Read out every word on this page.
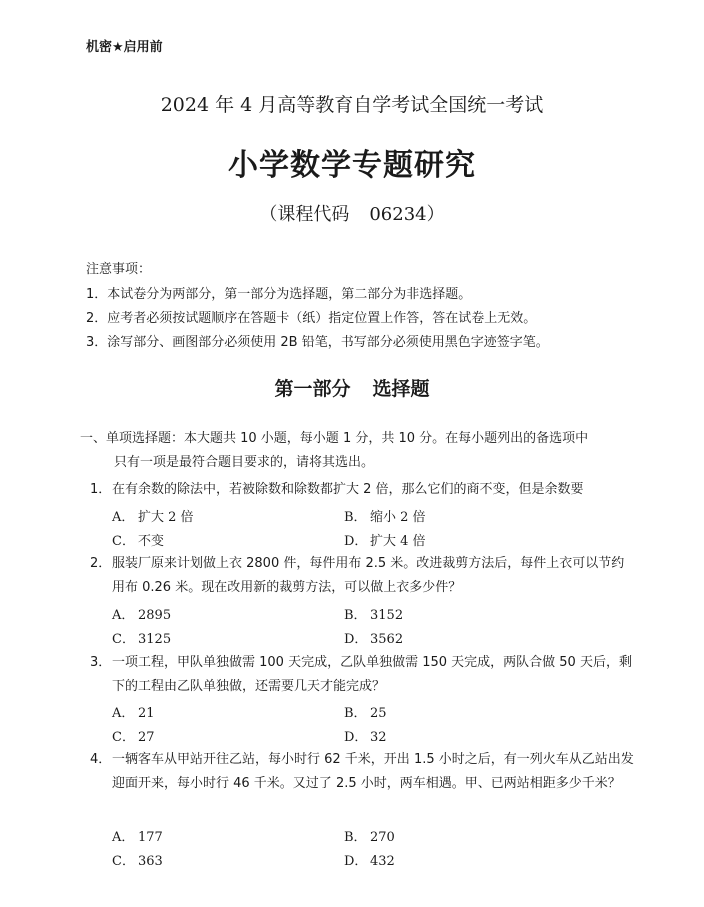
机密★启用前
2024 年 4 月高等教育自学考试全国统一考试
小学数学专题研究
（课程代码 06234）
注意事项：
1．本试卷分为两部分，第一部分为选择题，第二部分为非选择题。
2．应考者必须按试题顺序在答题卡（纸）指定位置上作答，答在试卷上无效。
3．涂写部分、画图部分必须使用 2B 铅笔，书写部分必须使用黑色字迹签字笔。
第一部分 选择题
一、单项选择题：本大题共 10 小题，每小题 1 分，共 10 分。在每小题列出的备选项中
只有一项是最符合题目要求的，请将其选出。
1．在有余数的除法中，若被除数和除数都扩大 2 倍，那么它们的商不变，但是余数要
A． 扩大 2 倍	B． 缩小 2 倍
C． 不变	D． 扩大 4 倍
2．服装厂原来计划做上衣 2800 件，每件用布 2.5 米。改进裁剪方法后，每件上衣可以节约用布 0.26 米。现在改用新的裁剪方法，可以做上衣多少件？
A． 2895	B． 3152
C． 3125	D． 3562
3．一项工程，甲队单独做需 100 天完成，乙队单独做需 150 天完成，两队合做 50 天后，剩下的工程由乙队单独做，还需要几天才能完成？
A． 21	B． 25
C． 27	D． 32
4．一辆客车从甲站开往乙站，每小时行 62 千米，开出 1.5 小时之后，有一列火车从乙站出发迎面开来，每小时行 46 千米。又过了 2.5 小时，两车相遇。甲、已两站相距多少千米？
A． 177	B． 270
C． 363	D． 432
